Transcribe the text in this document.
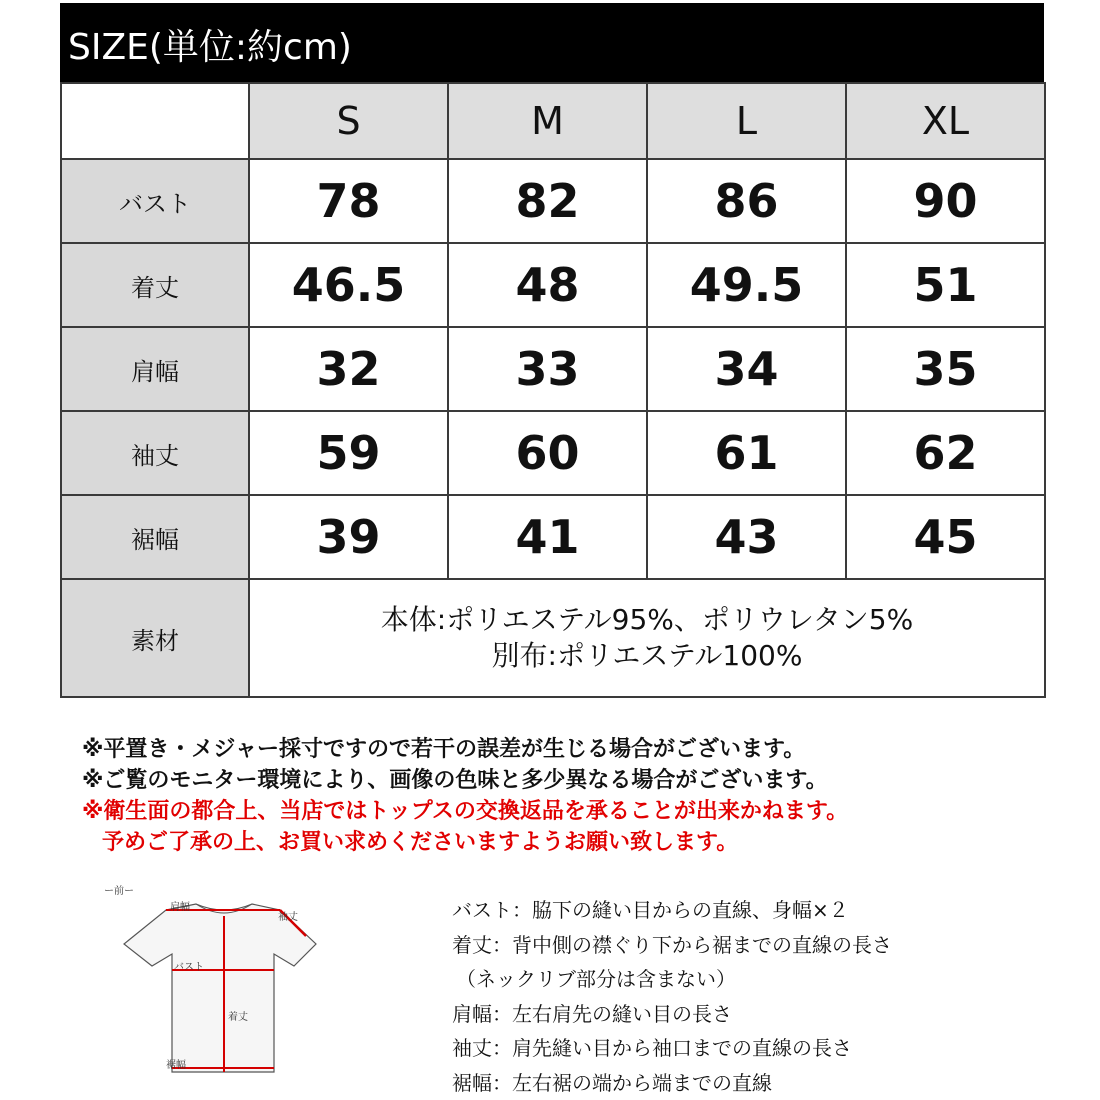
SIZE(単位:約cm)
	S	M	L	XL
バスト	78	82	86	90
着丈	46.5	48	49.5	51
肩幅	32	33	34	35
袖丈	59	60	61	62
裾幅	39	41	43	45
素材	本体:ポリエステル95%、ポリウレタン5%
別布:ポリエステル100%			
※平置き・メジャー採寸ですので若干の誤差が生じる場合がございます。
※ご覧のモニター環境により、画像の色味と多少異なる場合がございます。
※衛生面の都合上、当店ではトップスの交換返品を承ることが出来かねます。
予めご了承の上、お買い求めくださいますようお願い致します。
ー前ー
肩幅
袖丈
バスト
着丈
裾幅
バスト：脇下の縫い目からの直線、身幅×２
着丈：背中側の襟ぐり下から裾までの直線の長さ
（ネックリブ部分は含まない）
肩幅：左右肩先の縫い目の長さ
袖丈：肩先縫い目から袖口までの直線の長さ
裾幅：左右裾の端から端までの直線
